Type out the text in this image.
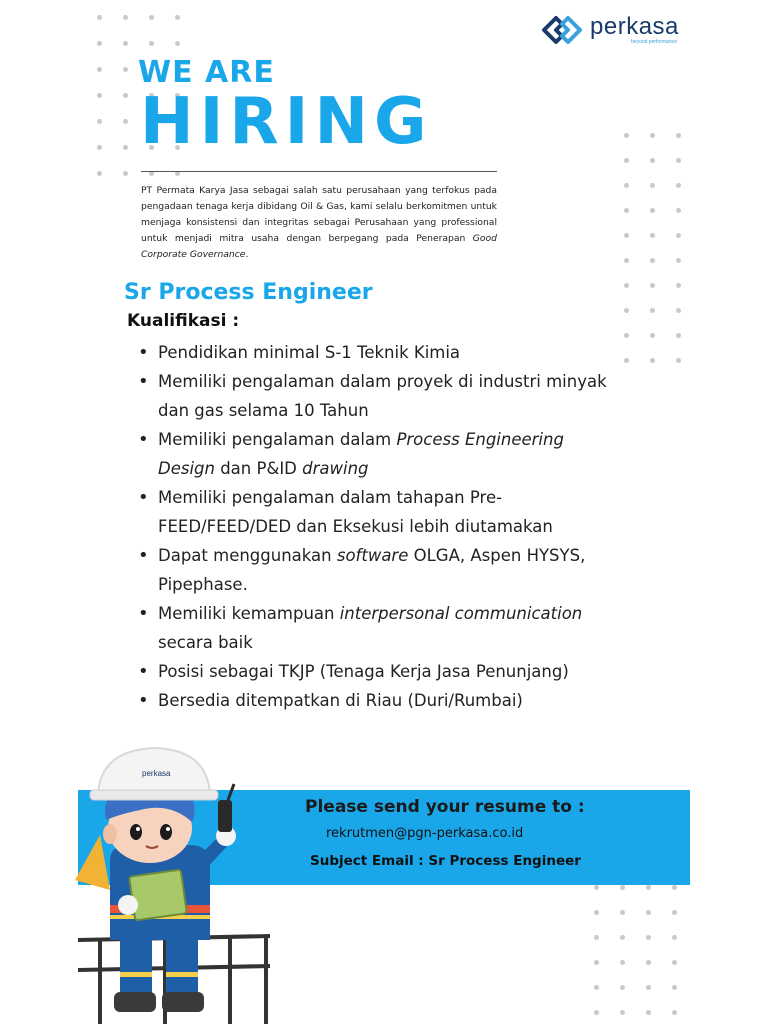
perkasa
beyond performance
WE ARE
HIRING

PT Permata Karya Jasa sebagai salah satu perusahaan yang terfokus pada pengadaan tenaga kerja dibidang Oil & Gas, kami selalu berkomitmen untuk menjaga konsistensi dan integritas sebagai Perusahaan yang professional untuk menjadi mitra usaha dengan berpegang pada Penerapan Good Corporate Governance.

Sr Process Engineer
Kualifikasi :
• Pendidikan minimal S-1 Teknik Kimia
• Memiliki pengalaman dalam proyek di industri minyak dan gas selama 10 Tahun
• Memiliki pengalaman dalam Process Engineering Design dan P&ID drawing
• Memiliki pengalaman dalam tahapan Pre-FEED/FEED/DED dan Eksekusi lebih diutamakan
• Dapat menggunakan software OLGA, Aspen HYSYS, Pipephase.
• Memiliki kemampuan interpersonal communication secara baik
• Posisi sebagai TKJP (Tenaga Kerja Jasa Penunjang)
• Bersedia ditempatkan di Riau (Duri/Rumbai)
Please send your resume to :
rekrutmen@pgn-perkasa.co.id
Subject Email : Sr Process Engineer
perkasa
